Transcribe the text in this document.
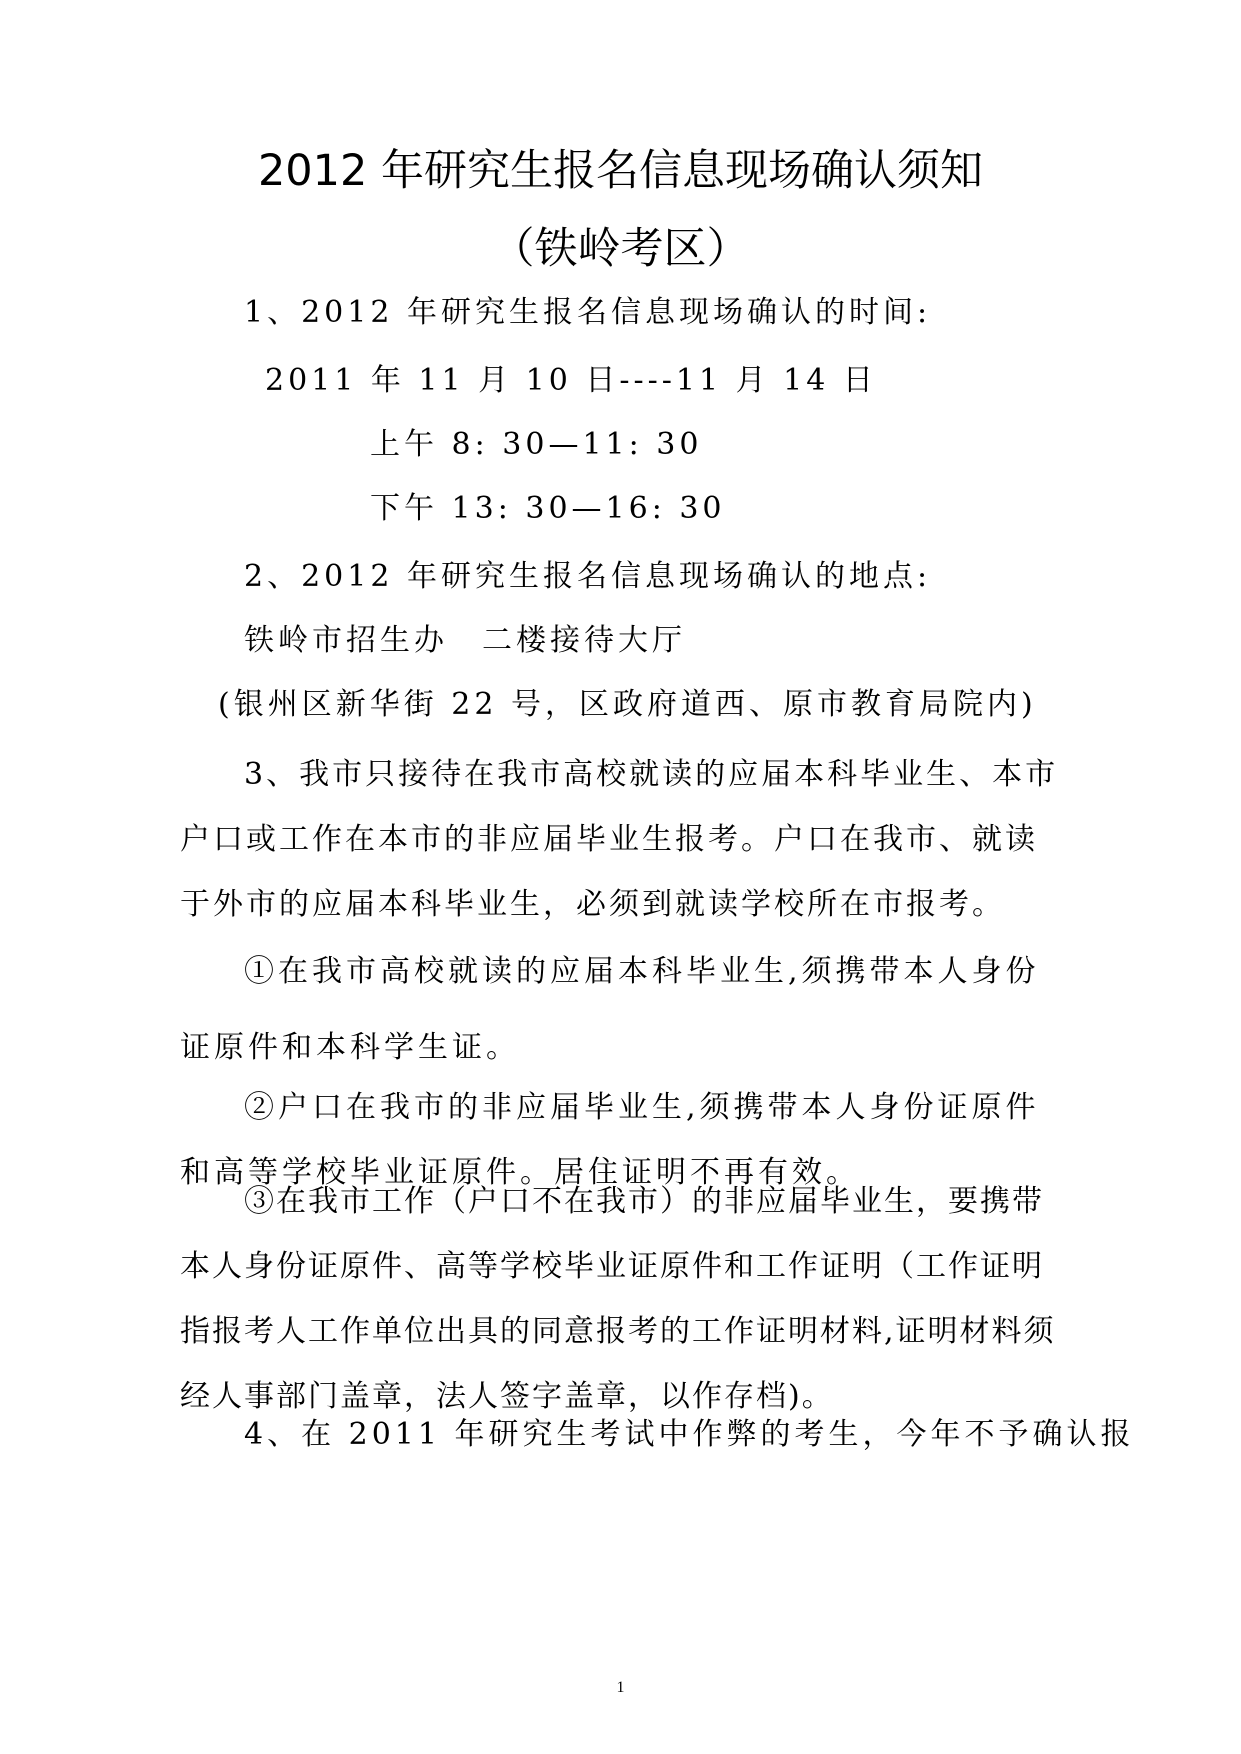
2012 年研究生报名信息现场确认须知
（铁岭考区）
1、2012 年研究生报名信息现场确认的时间:
2011 年 11 月 10 日----11 月 14 日
上午 8: 30—11: 30
下午 13: 30—16: 30
2、2012 年研究生报名信息现场确认的地点:
铁岭市招生办　二楼接待大厅
(银州区新华街 22 号，区政府道西、原市教育局院内)

3、我市只接待在我市高校就读的应届本科毕业生、本市户口或工作在本市的非应届毕业生报考。户口在我市、就读于外市的应届本科毕业生，必须到就读学校所在市报考。

①在我市高校就读的应届本科毕业生,须携带本人身份证原件和本科学生证。

②户口在我市的非应届毕业生,须携带本人身份证原件和高等学校毕业证原件。居住证明不再有效。

③在我市工作（户口不在我市）的非应届毕业生，要携带本人身份证原件、高等学校毕业证原件和工作证明（工作证明指报考人工作单位出具的同意报考的工作证明材料,证明材料须经人事部门盖章，法人签字盖章，以作存档)。

4、在 2011 年研究生考试中作弊的考生，今年不予确认报
1
